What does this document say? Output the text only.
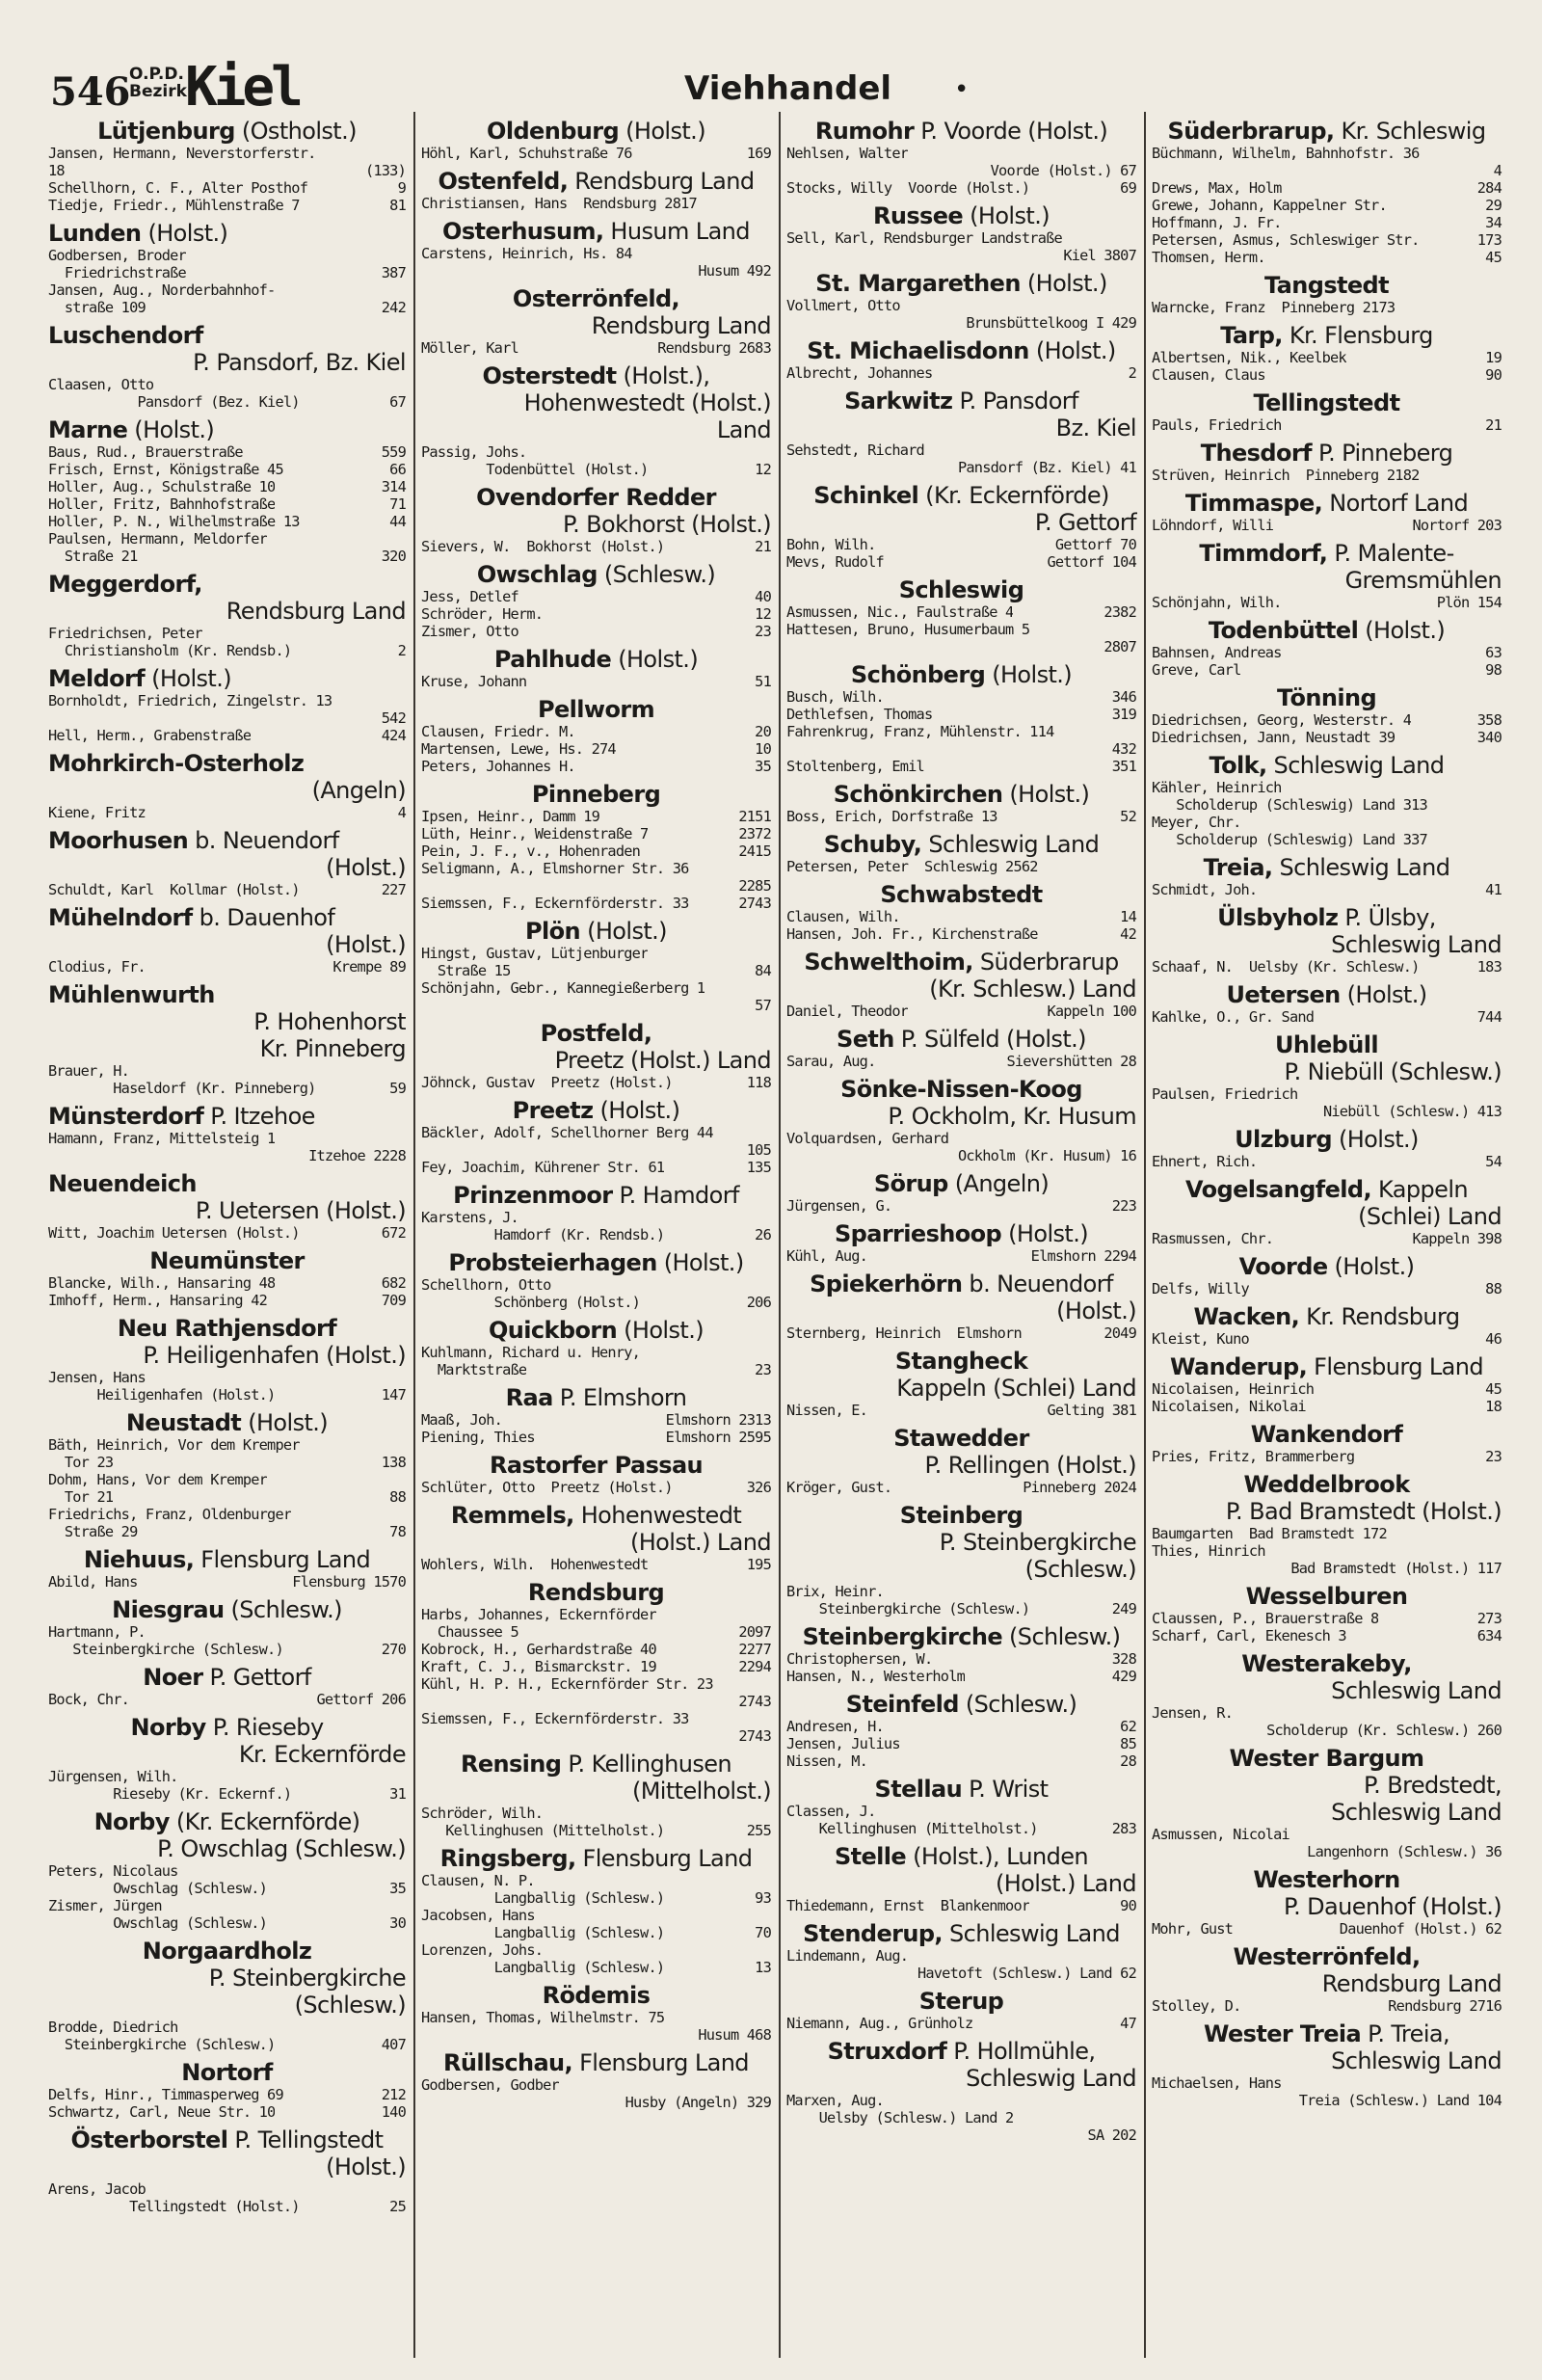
546
O.P.D.
Bezirk
Kiel	Viehhandel •
Lütjenburg (Ostholst.)
Jansen, Hermann, Neverstorferstr.
18	(133)
Schellhorn, C. F., Alter Posthof	9
Tiedje, Friedr., Mühlenstraße 7	81
Lunden (Holst.)
Godbersen, Broder
Friedrichstraße	387
Jansen, Aug., Norderbahnhof-
straße 109	242
Luschendorf
P. Pansdorf, Bz. Kiel
Claasen, Otto
Pansdorf (Bez. Kiel)	67
Marne (Holst.)
Baus, Rud., Brauerstraße	559
Frisch, Ernst, Königstraße 45	66
Holler, Aug., Schulstraße 10	314
Holler, Fritz, Bahnhofstraße	71
Holler, P. N., Wilhelmstraße 13	44
Paulsen, Hermann, Meldorfer
Straße 21	320
Meggerdorf,
Rendsburg Land
Friedrichsen, Peter
Christiansholm (Kr. Rendsb.)	2
Meldorf (Holst.)
Bornholdt, Friedrich, Zingelstr. 13
542
Hell, Herm., Grabenstraße	424
Mohrkirch-Osterholz
(Angeln)
Kiene, Fritz	4
Moorhusen b. Neuendorf
(Holst.)
Schuldt, Karl  Kollmar (Holst.)	227
Mühelndorf b. Dauenhof
(Holst.)
Clodius, Fr.	Krempe 89
Mühlenwurth
P. Hohenhorst
Kr. Pinneberg
Brauer, H.
Haseldorf (Kr. Pinneberg)	59
Münsterdorf P. Itzehoe
Hamann, Franz, Mittelsteig 1
Itzehoe 2228
Neuendeich
P. Uetersen (Holst.)
Witt, Joachim Uetersen (Holst.)	672
Neumünster
Blancke, Wilh., Hansaring 48	682
Imhoff, Herm., Hansaring 42	709
Neu Rathjensdorf
P. Heiligenhafen (Holst.)
Jensen, Hans
Heiligenhafen (Holst.)	147
Neustadt (Holst.)
Bäth, Heinrich, Vor dem Kremper
Tor 23	138
Dohm, Hans, Vor dem Kremper
Tor 21	88
Friedrichs, Franz, Oldenburger
Straße 29	78
Niehuus, Flensburg Land
Abild, Hans	Flensburg 1570
Niesgrau (Schlesw.)
Hartmann, P.
Steinbergkirche (Schlesw.)	270
Noer P. Gettorf
Bock, Chr.	Gettorf 206
Norby P. Rieseby
Kr. Eckernförde
Jürgensen, Wilh.
Rieseby (Kr. Eckernf.)	31
Norby (Kr. Eckernförde)
P. Owschlag (Schlesw.)
Peters, Nicolaus
Owschlag (Schlesw.)	35
Zismer, Jürgen
Owschlag (Schlesw.)	30
Norgaardholz
P. Steinbergkirche
(Schlesw.)
Brodde, Diedrich
Steinbergkirche (Schlesw.)	407
Nortorf
Delfs, Hinr., Timmasperweg 69	212
Schwartz, Carl, Neue Str. 10	140
Österborstel P. Tellingstedt
(Holst.)
Arens, Jacob
Tellingstedt (Holst.)	25
Oldenburg (Holst.)
Höhl, Karl, Schuhstraße 76	169
Ostenfeld, Rendsburg Land
Christiansen, Hans  Rendsburg 2817
Osterhusum, Husum Land
Carstens, Heinrich, Hs. 84
Husum 492
Osterrönfeld,
Rendsburg Land
Möller, Karl	Rendsburg 2683
Osterstedt (Holst.),
Hohenwestedt (Holst.)
Land
Passig, Johs.
Todenbüttel (Holst.)	12
Ovendorfer Redder
P. Bokhorst (Holst.)
Sievers, W.  Bokhorst (Holst.)	21
Owschlag (Schlesw.)
Jess, Detlef	40
Schröder, Herm.	12
Zismer, Otto	23
Pahlhude (Holst.)
Kruse, Johann	51
Pellworm
Clausen, Friedr. M.	20
Martensen, Lewe, Hs. 274	10
Peters, Johannes H.	35
Pinneberg
Ipsen, Heinr., Damm 19	2151
Lüth, Heinr., Weidenstraße 7	2372
Pein, J. F., v., Hohenraden	2415
Seligmann, A., Elmshorner Str. 36
2285
Siemssen, F., Eckernförderstr. 33	2743
Plön (Holst.)
Hingst, Gustav, Lütjenburger
Straße 15	84
Schönjahn, Gebr., Kannegießerberg 1
57
Postfeld,
Preetz (Holst.) Land
Jöhnck, Gustav  Preetz (Holst.)	118
Preetz (Holst.)
Bäckler, Adolf, Schellhorner Berg 44
105
Fey, Joachim, Kührener Str. 61	135
Prinzenmoor P. Hamdorf
Karstens, J.
Hamdorf (Kr. Rendsb.)	26
Probsteierhagen (Holst.)
Schellhorn, Otto
Schönberg (Holst.)	206
Quickborn (Holst.)
Kuhlmann, Richard u. Henry,
Marktstraße	23
Raa P. Elmshorn
Maaß, Joh.	Elmshorn 2313
Piening, Thies	Elmshorn 2595
Rastorfer Passau
Schlüter, Otto  Preetz (Holst.)	326
Remmels, Hohenwestedt
(Holst.) Land
Wohlers, Wilh.  Hohenwestedt	195
Rendsburg
Harbs, Johannes, Eckernförder
Chaussee 5	2097
Kobrock, H., Gerhardstraße 40	2277
Kraft, C. J., Bismarckstr. 19	2294
Kühl, H. P. H., Eckernförder Str. 23
2743
Siemssen, F., Eckernförderstr. 33
2743
Rensing P. Kellinghusen
(Mittelholst.)
Schröder, Wilh.
Kellinghusen (Mittelholst.)	255
Ringsberg, Flensburg Land
Clausen, N. P.
Langballig (Schlesw.)	93
Jacobsen, Hans
Langballig (Schlesw.)	70
Lorenzen, Johs.
Langballig (Schlesw.)	13
Rödemis
Hansen, Thomas, Wilhelmstr. 75
Husum 468
Rüllschau, Flensburg Land
Godbersen, Godber
Husby (Angeln) 329
Rumohr P. Voorde (Holst.)
Nehlsen, Walter
Voorde (Holst.) 67
Stocks, Willy  Voorde (Holst.)	69
Russee (Holst.)
Sell, Karl, Rendsburger Landstraße
Kiel 3807
St. Margarethen (Holst.)
Vollmert, Otto
Brunsbüttelkoog I 429
St. Michaelisdonn (Holst.)
Albrecht, Johannes	2
Sarkwitz P. Pansdorf
Bz. Kiel
Sehstedt, Richard
Pansdorf (Bz. Kiel) 41
Schinkel (Kr. Eckernförde)
P. Gettorf
Bohn, Wilh.	Gettorf 70
Mevs, Rudolf	Gettorf 104
Schleswig
Asmussen, Nic., Faulstraße 4	2382
Hattesen, Bruno, Husumerbaum 5
2807
Schönberg (Holst.)
Busch, Wilh.	346
Dethlefsen, Thomas	319
Fahrenkrug, Franz, Mühlenstr. 114
432
Stoltenberg, Emil	351
Schönkirchen (Holst.)
Boss, Erich, Dorfstraße 13	52
Schuby, Schleswig Land
Petersen, Peter  Schleswig 2562
Schwabstedt
Clausen, Wilh.	14
Hansen, Joh. Fr., Kirchenstraße	42
Schwelthoim, Süderbrarup
(Kr. Schlesw.) Land
Daniel, Theodor	Kappeln 100
Seth P. Sülfeld (Holst.)
Sarau, Aug.	Sievershütten 28
Sönke-Nissen-Koog
P. Ockholm, Kr. Husum
Volquardsen, Gerhard
Ockholm (Kr. Husum) 16
Sörup (Angeln)
Jürgensen, G.	223
Sparrieshoop (Holst.)
Kühl, Aug.	Elmshorn 2294
Spiekerhörn b. Neuendorf
(Holst.)
Sternberg, Heinrich  Elmshorn	2049
Stangheck
Kappeln (Schlei) Land
Nissen, E.	Gelting 381
Stawedder
P. Rellingen (Holst.)
Kröger, Gust.	Pinneberg 2024
Steinberg
P. Steinbergkirche
(Schlesw.)
Brix, Heinr.
Steinbergkirche (Schlesw.)	249
Steinbergkirche (Schlesw.)
Christophersen, W.	328
Hansen, N., Westerholm	429
Steinfeld (Schlesw.)
Andresen, H.	62
Jensen, Julius	85
Nissen, M.	28
Stellau P. Wrist
Classen, J.
Kellinghusen (Mittelholst.)	283
Stelle (Holst.), Lunden
(Holst.) Land
Thiedemann, Ernst  Blankenmoor	90
Stenderup, Schleswig Land
Lindemann, Aug.
Havetoft (Schlesw.) Land 62
Sterup
Niemann, Aug., Grünholz	47
Struxdorf P. Hollmühle,
Schleswig Land
Marxen, Aug.
Uelsby (Schlesw.) Land 2
SA 202
Süderbrarup, Kr. Schleswig
Büchmann, Wilhelm, Bahnhofstr. 36
4
Drews, Max, Holm	284
Grewe, Johann, Kappelner Str.	29
Hoffmann, J. Fr.	34
Petersen, Asmus, Schleswiger Str.	173
Thomsen, Herm.	45
Tangstedt
Warncke, Franz  Pinneberg 2173
Tarp, Kr. Flensburg
Albertsen, Nik., Keelbek	19
Clausen, Claus	90
Tellingstedt
Pauls, Friedrich	21
Thesdorf P. Pinneberg
Strüven, Heinrich  Pinneberg 2182
Timmaspe, Nortorf Land
Löhndorf, Willi	Nortorf 203
Timmdorf, P. Malente-
Gremsmühlen
Schönjahn, Wilh.	Plön 154
Todenbüttel (Holst.)
Bahnsen, Andreas	63
Greve, Carl	98
Tönning
Diedrichsen, Georg, Westerstr. 4	358
Diedrichsen, Jann, Neustadt 39	340
Tolk, Schleswig Land
Kähler, Heinrich
Scholderup (Schleswig) Land 313
Meyer, Chr.
Scholderup (Schleswig) Land 337
Treia, Schleswig Land
Schmidt, Joh.	41
Ülsbyholz P. Ülsby,
Schleswig Land
Schaaf, N.  Uelsby (Kr. Schlesw.)	183
Uetersen (Holst.)
Kahlke, O., Gr. Sand	744
Uhlebüll
P. Niebüll (Schlesw.)
Paulsen, Friedrich
Niebüll (Schlesw.) 413
Ulzburg (Holst.)
Ehnert, Rich.	54
Vogelsangfeld, Kappeln
(Schlei) Land
Rasmussen, Chr.	Kappeln 398
Voorde (Holst.)
Delfs, Willy	88
Wacken, Kr. Rendsburg
Kleist, Kuno	46
Wanderup, Flensburg Land
Nicolaisen, Heinrich	45
Nicolaisen, Nikolai	18
Wankendorf
Pries, Fritz, Brammerberg	23
Weddelbrook
P. Bad Bramstedt (Holst.)
Baumgarten  Bad Bramstedt 172
Thies, Hinrich
Bad Bramstedt (Holst.) 117
Wesselburen
Claussen, P., Brauerstraße 8	273
Scharf, Carl, Ekenesch 3	634
Westerakeby,
Schleswig Land
Jensen, R.
Scholderup (Kr. Schlesw.) 260
Wester Bargum
P. Bredstedt,
Schleswig Land
Asmussen, Nicolai
Langenhorn (Schlesw.) 36
Westerhorn
P. Dauenhof (Holst.)
Mohr, Gust	Dauenhof (Holst.) 62
Westerrönfeld,
Rendsburg Land
Stolley, D.	Rendsburg 2716
Wester Treia P. Treia,
Schleswig Land
Michaelsen, Hans
Treia (Schlesw.) Land 104
